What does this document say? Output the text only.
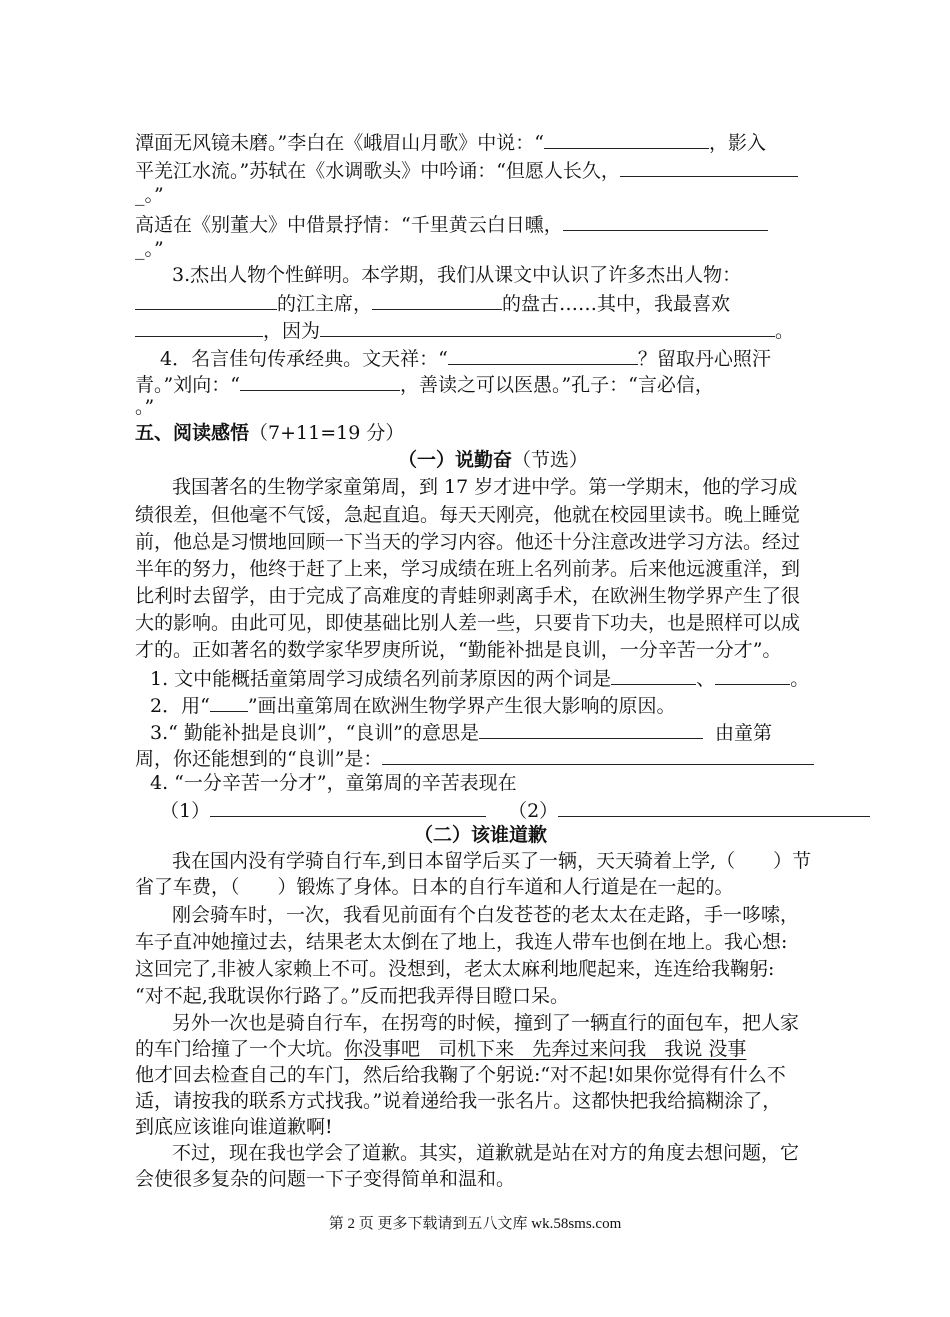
潭面无风镜未磨。”李白在《峨眉山月歌》中说：“	，影入
平羌江水流。”苏轼在《水调歌头》中吟诵：“但愿人长久，
_。”
高适在《别董大》中借景抒情：“千里黄云白日曛，
_。”
3.杰出人物个性鲜明。本学期，我们从课文中认识了许多杰出人物：
的江主席，	的盘古……其中，我最喜欢
，因为	。
4．名言佳句传承经典。文天祥：“	？留取丹心照汗
青。”刘向：“	，善读之可以医愚。”孔子：“言必信，
。”
五、阅读感悟（7+11=19 分）
（一）说勤奋（节选）
我国著名的生物学家童第周，到 17 岁才进中学。第一学期末，他的学习成
绩很差，但他毫不气馁，急起直追。每天天刚亮，他就在校园里读书。晚上睡觉
前，他总是习惯地回顾一下当天的学习内容。他还十分注意改进学习方法。经过
半年的努力，他终于赶了上来，学习成绩在班上名列前茅。后来他远渡重洋，到
比利时去留学，由于完成了高难度的青蛙卵剥离手术，在欧洲生物学界产生了很
大的影响。由此可见，即使基础比别人差一些，只要肯下功夫，也是照样可以成
才的。正如著名的数学家华罗庚所说，“勤能补拙是良训，一分辛苦一分才”。
1. 文中能概括童第周学习成绩名列前茅原因的两个词是	、	。
2．用“ ”画出童第周在欧洲生物学界产生很大影响的原因。
3.“ 勤能补拙是良训”，“良训”的意思是	由童第
周，你还能想到的“良训”是：
4. “一分辛苦一分才”，童第周的辛苦表现在
（1）	（2）
（二）该谁道歉
我在国内没有学骑自行车,到日本留学后买了一辆，天天骑着上学,（ ）节
省了车费，（ ）锻炼了身体。日本的自行车道和人行道是在一起的。
刚会骑车时，一次，我看见前面有个白发苍苍的老太太在走路，手一哆嗦，
车子直冲她撞过去，结果老太太倒在了地上，我连人带车也倒在地上。我心想:
这回完了,非被人家赖上不可。没想到，老太太麻利地爬起来，连连给我鞠躬:
“对不起,我耽误你行路了。”反而把我弄得目瞪口呆。
另外一次也是骑自行车，在拐弯的时候，撞到了一辆直行的面包车，把人家
的车门给撞了一个大坑。你没事吧   司机下来   先奔过来问我   我说 没事
他才回去检查自己的车门，然后给我鞠了个躬说:“对不起!如果你觉得有什么不
适，请按我的联系方式找我。”说着递给我一张名片。这都快把我给搞糊涂了，
到底应该谁向谁道歉啊!
不过，现在我也学会了道歉。其实，道歉就是站在对方的角度去想问题，它
会使很多复杂的问题一下子变得简单和温和。
第 2 页 更多下载请到五八文库 wk.58sms.com
